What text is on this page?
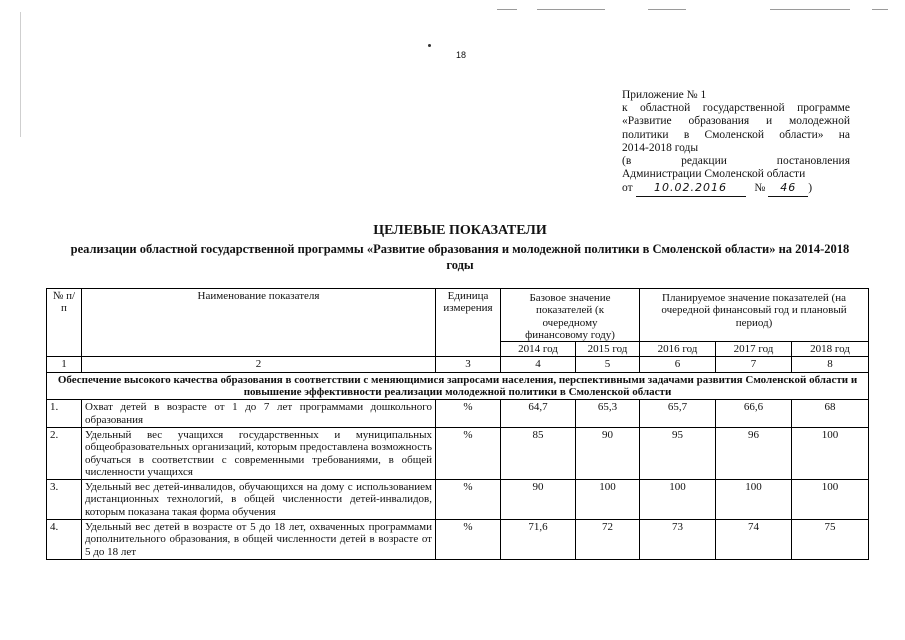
18
Приложение № 1
к областной государственной программе
«Развитие образования и молодежной
политики в Смоленской области» на
2014-2018 годы
(в редакции постановления
Администрации Смоленской области
от 10.02.2016 № 46 )
ЦЕЛЕВЫЕ ПОКАЗАТЕЛИ
реализации областной государственной программы «Развитие образования и молодежной политики в Смоленской области» на 2014-2018 годы
№ п/п	Наименование показателя	Единица измерения	Базовое значение показателей (к очередному финансовому году)		Планируемое значение показателей (на очередной финансовый год и плановый период)		
			2014 год	2015 год	2016 год	2017 год	2018 год
1	2	3	4	5	6	7	8
Обеспечение высокого качества образования в соответствии с меняющимися запросами населения, перспективными задачами развития Смоленской области и повышение эффективности реализации молодежной политики в Смоленской области							
1.	Охват детей в возрасте от 1 до 7 лет программами дошкольного образования	%	64,7	65,3	65,7	66,6	68
2.	Удельный вес учащихся государственных и муниципальных общеобразовательных организаций, которым предоставлена возможность обучаться в соответствии с современными требованиями, в общей численности учащихся	%	85	90	95	96	100
3.	Удельный вес детей-инвалидов, обучающихся на дому с использованием дистанционных технологий, в общей численности детей-инвалидов, которым показана такая форма обучения	%	90	100	100	100	100
4.	Удельный вес детей в возрасте от 5 до 18 лет, охваченных программами дополнительного образования, в общей численности детей в возрасте от 5 до 18 лет	%	71,6	72	73	74	75
